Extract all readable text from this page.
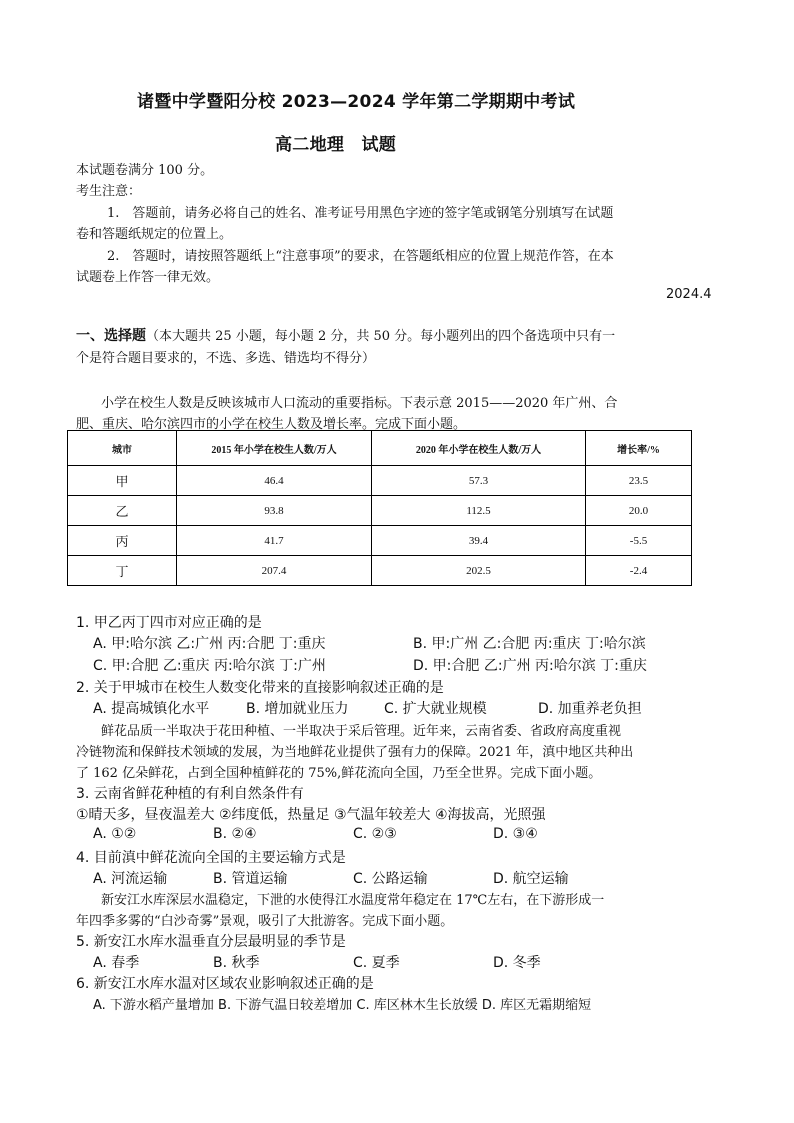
诸暨中学暨阳分校 2023—2024 学年第二学期期中考试
高二地理　试题
本试题卷满分 100 分。
考生注意：
1.　答题前，请务必将自己的姓名、准考证号用黑色字迹的签字笔或钢笔分别填写在试题
卷和答题纸规定的位置上。
2.　答题时，请按照答题纸上“注意事项”的要求，在答题纸相应的位置上规范作答，在本
试题卷上作答一律无效。
2024.4
一、选择题（本大题共 25 小题，每小题 2 分，共 50 分。每小题列出的四个备选项中只有一
个是符合题目要求的，不选、多选、错选均不得分）
小学在校生人数是反映该城市人口流动的重要指标。下表示意 2015——2020 年广州、合
肥、重庆、哈尔滨四市的小学在校生人数及增长率。完成下面小题。
城市	2015 年小学在校生人数/万人	2020 年小学在校生人数/万人	增长率/%
甲	46.4	57.3	23.5
乙	93.8	112.5	20.0
丙	41.7	39.4	-5.5
丁	207.4	202.5	-2.4
1. 甲乙丙丁四市对应正确的是
A. 甲:哈尔滨 乙:广州 丙:合肥 丁:重庆	B. 甲:广州 乙:合肥 丙:重庆 丁:哈尔滨
C. 甲:合肥 乙:重庆 丙:哈尔滨 丁:广州	D. 甲:合肥 乙:广州 丙:哈尔滨 丁:重庆
2. 关于甲城市在校生人数变化带来的直接影响叙述正确的是
A. 提高城镇化水平	B. 增加就业压力	C. 扩大就业规模	D. 加重养老负担
鲜花品质一半取决于花田种植、一半取决于采后管理。近年来，云南省委、省政府高度重视
冷链物流和保鲜技术领域的发展，为当地鲜花业提供了强有力的保障。2021 年，滇中地区共种出
了 162 亿朵鲜花，占到全国种植鲜花的 75%,鲜花流向全国，乃至全世界。完成下面小题。
3. 云南省鲜花种植的有利自然条件有
①晴天多，昼夜温差大 ②纬度低，热量足 ③气温年较差大 ④海拔高，光照强
A. ①②	B. ②④	C. ②③	D. ③④
4. 目前滇中鲜花流向全国的主要运输方式是
A. 河流运输	B. 管道运输	C. 公路运输	D. 航空运输
新安江水库深层水温稳定，下泄的水使得江水温度常年稳定在 17℃左右，在下游形成一
年四季多雾的“白沙奇雾”景观，吸引了大批游客。完成下面小题。
5. 新安江水库水温垂直分层最明显的季节是
A. 春季	B. 秋季	C. 夏季	D. 冬季
6. 新安江水库水温对区域农业影响叙述正确的是
A. 下游水稻产量增加 B. 下游气温日较差增加 C. 库区林木生长放缓 D. 库区无霜期缩短
